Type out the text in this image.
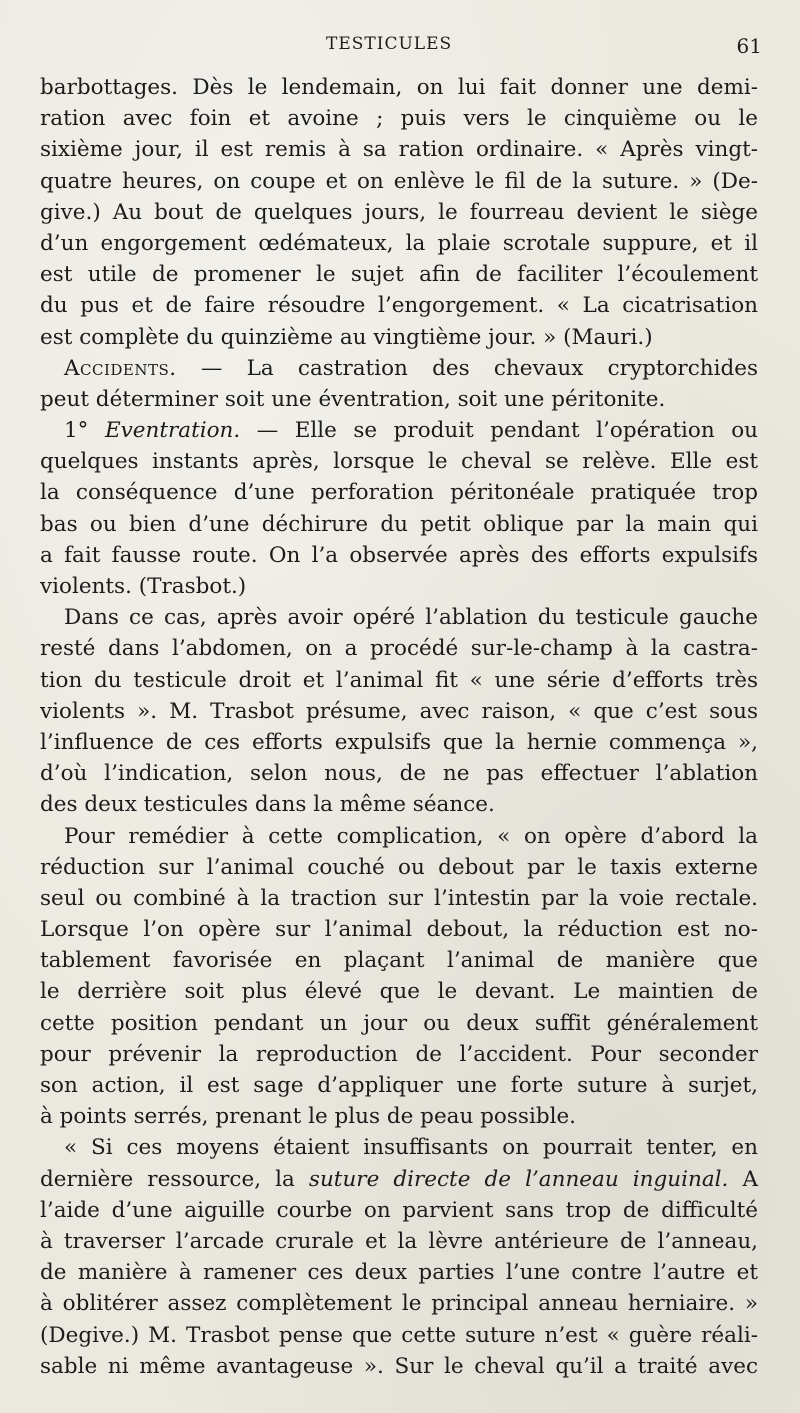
TESTICULES	61
barbottages. Dès le lendemain, on lui fait donner une demi-
ration avec foin et avoine ; puis vers le cinquième ou le
sixième jour, il est remis à sa ration ordinaire. « Après vingt-
quatre heures, on coupe et on enlève le fil de la suture. » (De-
give.) Au bout de quelques jours, le fourreau devient le siège
d’un engorgement œdémateux, la plaie scrotale suppure, et il
est utile de promener le sujet afin de faciliter l’écoulement
du pus et de faire résoudre l’engorgement. « La cicatrisation
est complète du quinzième au vingtième jour. » (Mauri.)
Accidents. — La castration des chevaux cryptorchides
peut déterminer soit une éventration, soit une péritonite.
1° Eventration. — Elle se produit pendant l’opération ou
quelques instants après, lorsque le cheval se relève. Elle est
la conséquence d’une perforation péritonéale pratiquée trop
bas ou bien d’une déchirure du petit oblique par la main qui
a fait fausse route. On l’a observée après des efforts expulsifs
violents. (Trasbot.)
Dans ce cas, après avoir opéré l’ablation du testicule gauche
resté dans l’abdomen, on a procédé sur-le-champ à la castra-
tion du testicule droit et l’animal fit « une série d’efforts très
violents ». M. Trasbot présume, avec raison, « que c’est sous
l’influence de ces efforts expulsifs que la hernie commença »,
d’où l’indication, selon nous, de ne pas effectuer l’ablation
des deux testicules dans la même séance.
Pour remédier à cette complication, « on opère d’abord la
réduction sur l’animal couché ou debout par le taxis externe
seul ou combiné à la traction sur l’intestin par la voie rectale.
Lorsque l’on opère sur l’animal debout, la réduction est no-
tablement favorisée en plaçant l’animal de manière que
le derrière soit plus élevé que le devant. Le maintien de
cette position pendant un jour ou deux suffit généralement
pour prévenir la reproduction de l’accident. Pour seconder
son action, il est sage d’appliquer une forte suture à surjet,
à points serrés, prenant le plus de peau possible.
« Si ces moyens étaient insuffisants on pourrait tenter, en
dernière ressource, la suture directe de l’anneau inguinal. A
l’aide d’une aiguille courbe on parvient sans trop de difficulté
à traverser l’arcade crurale et la lèvre antérieure de l’anneau,
de manière à ramener ces deux parties l’une contre l’autre et
à oblitérer assez complètement le principal anneau herniaire. »
(Degive.) M. Trasbot pense que cette suture n’est « guère réali-
sable ni même avantageuse ». Sur le cheval qu’il a traité avec
